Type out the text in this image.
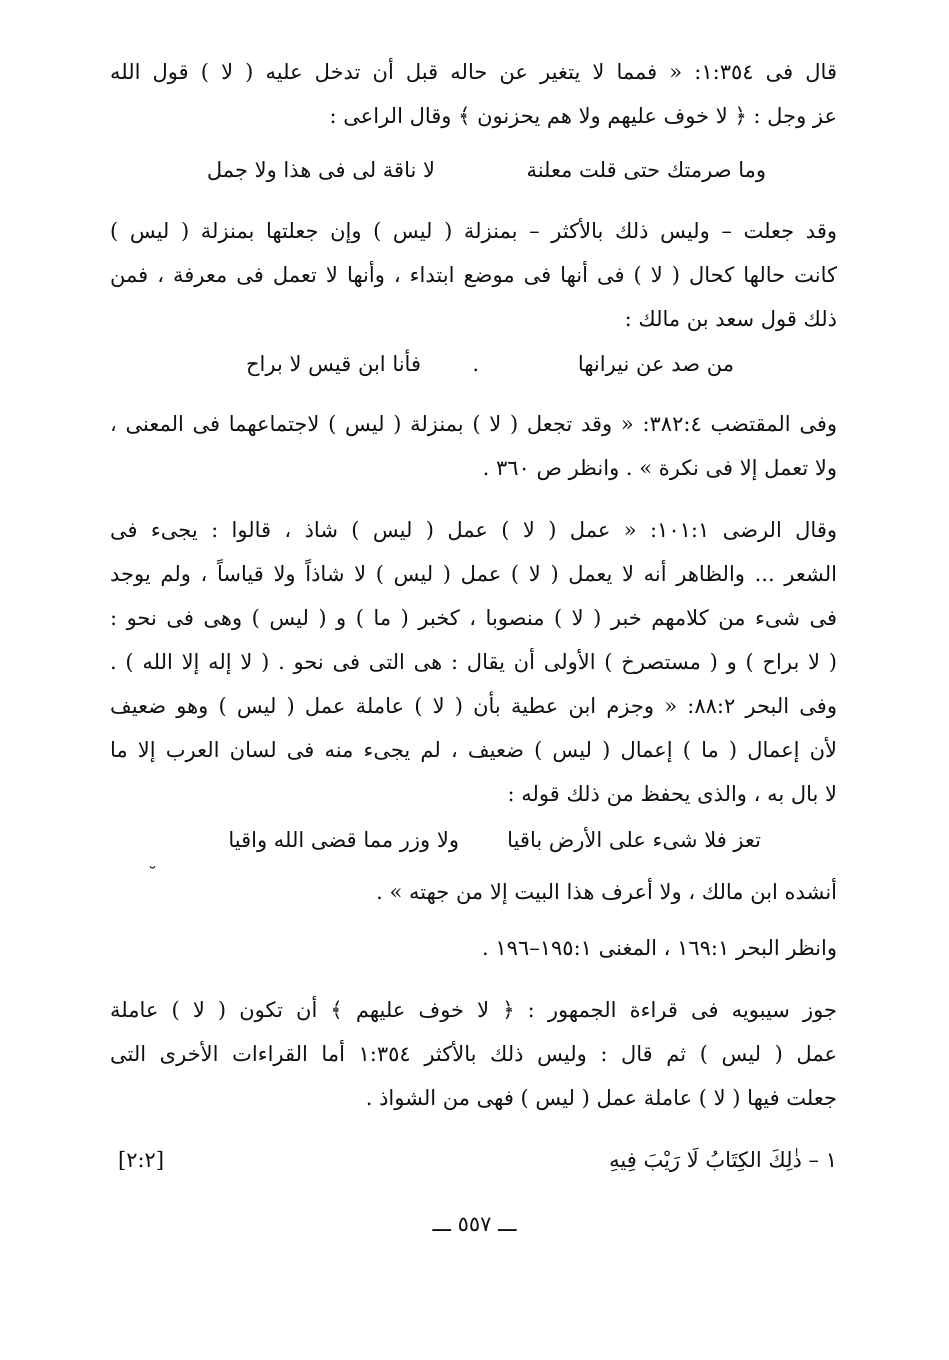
قال فى ١:٣٥٤: « فمما لا يتغير عن حاله قبل أن تدخل عليه ( لا ) قول الله
عز وجل : ﴿ لا خوف عليهم ولا هم يحزنون ﴾ وقال الراعى :
وما صرمتك حتى قلت معلنة
لا ناقة لى فى هذا ولا جمل
وقد جعلت – وليس ذلك بالأكثر – بمنزلة ( ليس ) وإن جعلتها بمنزلة ( ليس )
كانت حالها كحال ( لا ) فى أنها فى موضع ابتداء ، وأنها لا تعمل فى معرفة ، فمن
ذلك قول سعد بن مالك :
من صد عن نيرانها
.
فأنا ابن قيس لا براح
وفى المقتضب ٣٨٢:٤: « وقد تجعل ( لا ) بمنزلة ( ليس ) لاجتماعهما فى المعنى ،
ولا تعمل إلا فى نكرة » . وانظر ص ٣٦٠ .
وقال الرضى ١٠١:١: « عمل ( لا ) عمل ( ليس ) شاذ ، قالوا : يجىء فى
الشعر ... والظاهر أنه لا يعمل ( لا ) عمل ( ليس ) لا شاذاً ولا قياساً ، ولم يوجد
فى شىء من كلامهم خبر ( لا ) منصوبا ، كخبر ( ما ) و ( ليس ) وهى فى نحو :
( لا براح ) و ( مستصرخ ) الأولى أن يقال : هى التى فى نحو . ( لا إله إلا الله ) .
وفى البحر ٨٨:٢: « وجزم ابن عطية بأن ( لا ) عاملة عمل ( ليس ) وهو ضعيف
لأن إعمال ( ما ) إعمال ( ليس ) ضعيف ، لم يجىء منه فى لسان العرب إلا ما
لا بال به ، والذى يحفظ من ذلك قوله :
تعز فلا شىء على الأرض باقيا
ولا وزر مما قضى الله واقيا
˘
أنشده ابن مالك ، ولا أعرف هذا البيت إلا من جهته » .
وانظر البحر ١٦٩:١ ، المغنى ١٩٥:١–١٩٦ .
جوز سيبويه فى قراءة الجمهور : ﴿ لا خوف عليهم ﴾ أن تكون ( لا ) عاملة
عمل ( ليس ) ثم قال : وليس ذلك بالأكثر ١:٣٥٤ أما القراءات الأخرى التى
جعلت فيها ( لا ) عاملة عمل ( ليس ) فهى من الشواذ .
١ – ذٰلِكَ الكِتَابُ لَا رَيْبَ فِيهِ
[٢:٢]
ـــ ٥٥٧ ـــ
